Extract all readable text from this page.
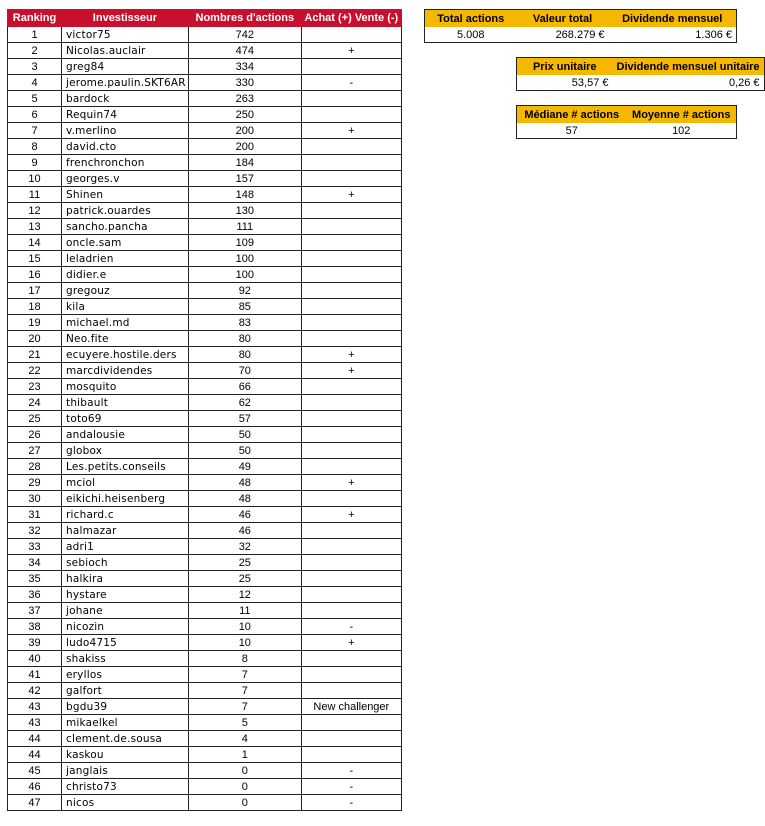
Ranking	Investisseur	Nombres d'actions	Achat (+) Vente (-)
1	victor75	742	
2	Nicolas.auclair	474	+
3	greg84	334	
4	jerome.paulin.SKT6AR	330	-
5	bardock	263	
6	Requin74	250	
7	v.merlino	200	+
8	david.cto	200	
9	frenchronchon	184	
10	georges.v	157	
11	Shinen	148	+
12	patrick.ouardes	130	
13	sancho.pancha	111	
14	oncle.sam	109	
15	leladrien	100	
16	didier.e	100	
17	gregouz	92	
18	kila	85	
19	michael.md	83	
20	Neo.fite	80	
21	ecuyere.hostile.ders	80	+
22	marcdividendes	70	+
23	mosquito	66	
24	thibault	62	
25	toto69	57	
26	andalousie	50	
27	globox	50	
28	Les.petits.conseils	49	
29	mciol	48	+
30	eikichi.heisenberg	48	
31	richard.c	46	+
32	halmazar	46	
33	adri1	32	
34	sebioch	25	
35	halkira	25	
36	hystare	12	
37	johane	11	
38	nicozin	10	-
39	ludo4715	10	+
40	shakiss	8	
41	eryllos	7	
42	galfort	7	
43	bgdu39	7	New challenger
43	mikaelkel	5	
44	clement.de.sousa	4	
44	kaskou	1	
45	janglais	0	-
46	christo73	0	-
47	nicos	0	-
Total actions	Valeur total	Dividende mensuel
5.008	268.279 €	1.306 €
Prix unitaire	Dividende mensuel unitaire
53,57 €	0,26 €
Médiane # actions	Moyenne # actions
57	102
